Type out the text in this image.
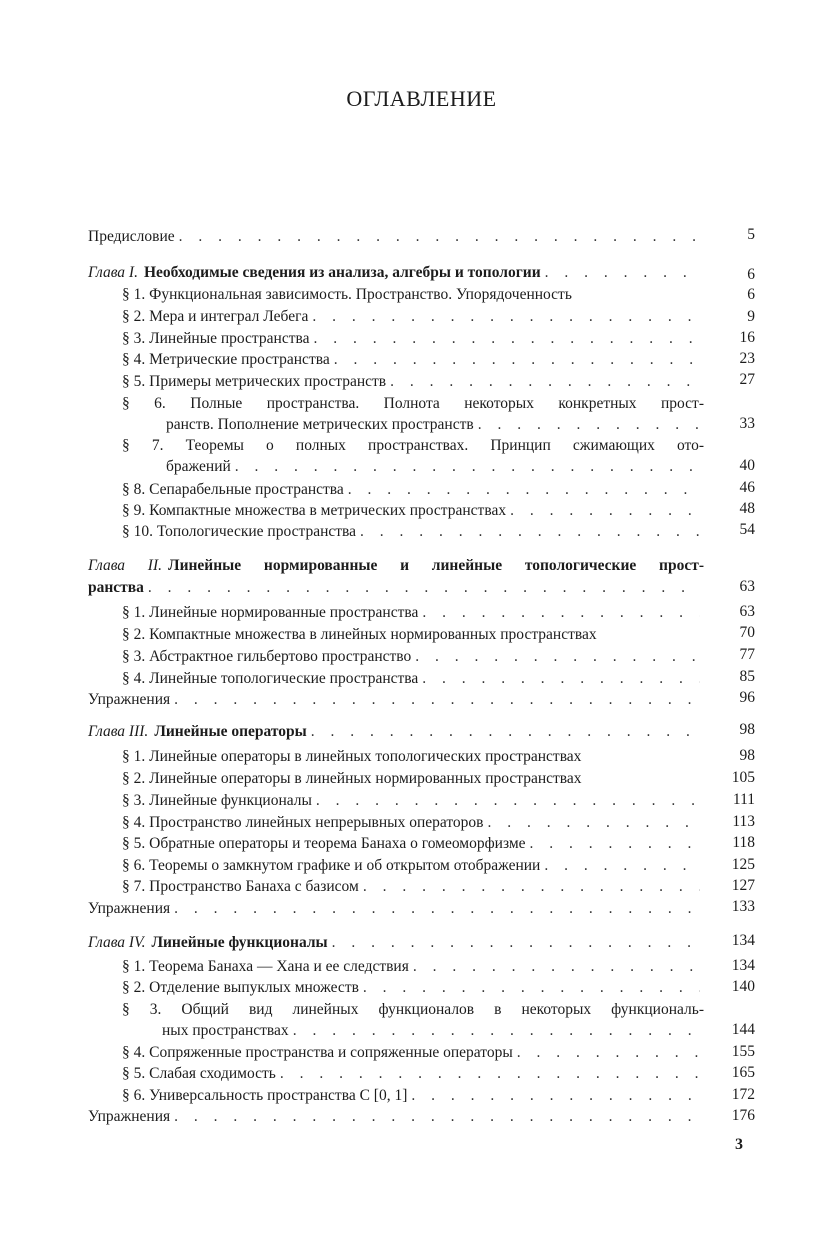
ОГЛАВЛЕНИЕ
Предисловие . . .	5
Глава I. Необходимые сведения из анализа, алгебры и топологии . . .	6
§ 1. Функциональная зависимость. Пространство. Упорядоченность	6
§ 2. Мера и интеграл Лебега . . .	9
§ 3. Линейные пространства . . .	16
§ 4. Метрические пространства . . .	23
§ 5. Примеры метрических пространств . . .	27
§ 6. Полные пространства. Полнота некоторых конкретных прост-
ранств. Пополнение метрических пространств . . .	33
§ 7. Теоремы о полных пространствах. Принцип сжимающих ото-
бражений . . .	40
§ 8. Сепарабельные пространства . . .	46
§ 9. Компактные множества в метрических пространствах . . .	48
§ 10. Топологические пространства . . .	54
Глава II. Линейные нормированные и линейные топологические прост-
ранства . . .	63
§ 1. Линейные нормированные пространства . . .	63
§ 2. Компактные множества в линейных нормированных пространствах	70
§ 3. Абстрактное гильбертово пространство . . .	77
§ 4. Линейные топологические пространства . . .	85
Упражнения . . .	96
Глава III. Линейные операторы . . .	98
§ 1. Линейные операторы в линейных топологических пространствах	98
§ 2. Линейные операторы в линейных нормированных пространствах	105
§ 3. Линейные функционалы . . .	111
§ 4. Пространство линейных непрерывных операторов . . .	113
§ 5. Обратные операторы и теорема Банаха о гомеоморфизме . . .	118
§ 6. Теоремы о замкнутом графике и об открытом отображении . . .	125
§ 7. Пространство Банаха с базисом . . .	127
Упражнения . . .	133
Глава IV. Линейные функционалы . . .	134
§ 1. Теорема Банаха — Хана и ее следствия . . .	134
§ 2. Отделение выпуклых множеств . . .	140
§ 3. Общий вид линейных функционалов в некоторых функциональ-
ных пространствах . . .	144
§ 4. Сопряженные пространства и сопряженные операторы . . .	155
§ 5. Слабая сходимость . . .	165
§ 6. Универсальность пространства C [0, 1] . . .	172
Упражнения . . .	176
3
